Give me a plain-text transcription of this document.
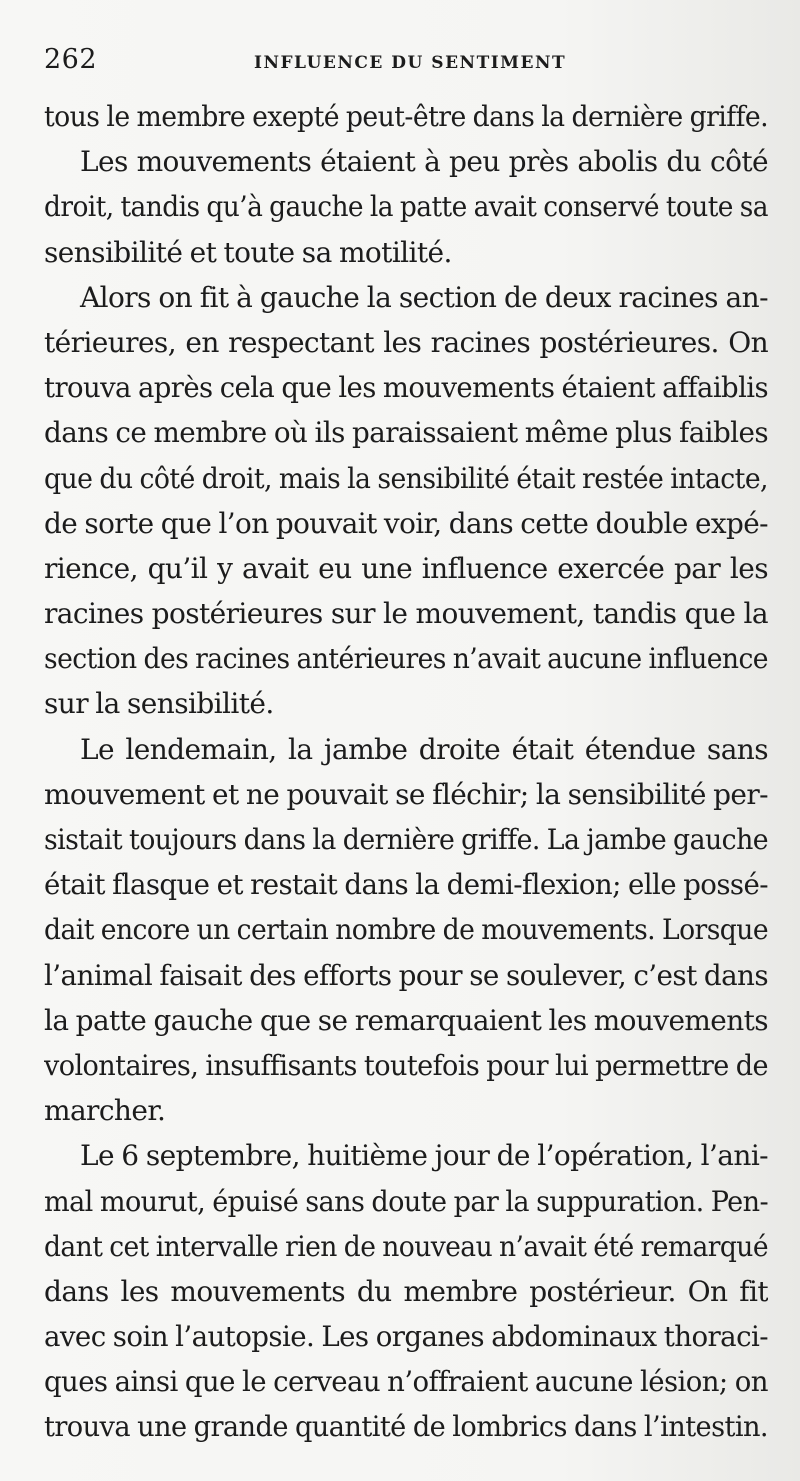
262	INFLUENCE DU SENTIMENT
tous le membre exepté peut-être dans la dernière griffe.
Les mouvements étaient à peu près abolis du côté
droit, tandis qu’à gauche la patte avait conservé toute sa
sensibilité et toute sa motilité.
Alors on fit à gauche la section de deux racines an-
térieures, en respectant les racines postérieures. On
trouva après cela que les mouvements étaient affaiblis
dans ce membre où ils paraissaient même plus faibles
que du côté droit, mais la sensibilité était restée intacte,
de sorte que l’on pouvait voir, dans cette double expé-
rience, qu’il y avait eu une influence exercée par les
racines postérieures sur le mouvement, tandis que la
section des racines antérieures n’avait aucune influence
sur la sensibilité.
Le lendemain, la jambe droite était étendue sans
mouvement et ne pouvait se fléchir; la sensibilité per-
sistait toujours dans la dernière griffe. La jambe gauche
était flasque et restait dans la demi-flexion; elle possé-
dait encore un certain nombre de mouvements. Lorsque
l’animal faisait des efforts pour se soulever, c’est dans
la patte gauche que se remarquaient les mouvements
volontaires, insuffisants toutefois pour lui permettre de
marcher.
Le 6 septembre, huitième jour de l’opération, l’ani-
mal mourut, épuisé sans doute par la suppuration. Pen-
dant cet intervalle rien de nouveau n’avait été remarqué
dans les mouvements du membre postérieur. On fit
avec soin l’autopsie. Les organes abdominaux thoraci-
ques ainsi que le cerveau n’offraient aucune lésion; on
trouva une grande quantité de lombrics dans l’intestin.
